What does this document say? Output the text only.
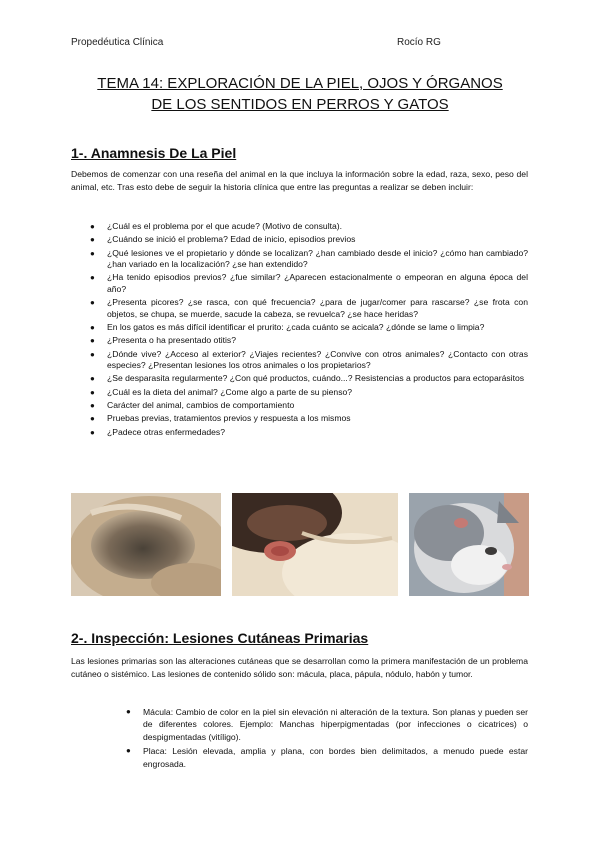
Propedéutica Clínica	Rocío RG
TEMA 14: EXPLORACIÓN DE LA PIEL, OJOS Y ÓRGANOS
DE LOS SENTIDOS EN PERROS Y GATOS
1-. Anamnesis De La Piel

Debemos de comenzar con una reseña del animal en la que incluya la información sobre la edad, raza, sexo, peso del animal, etc. Tras esto debe de seguir la historia clínica que entre las preguntas a realizar se deben incluir:

● ¿Cuál es el problema por el que acude? (Motivo de consulta).
● ¿Cuándo se inició el problema? Edad de inicio, episodios previos
● ¿Qué lesiones ve el propietario y dónde se localizan? ¿han cambiado desde el inicio? ¿cómo han cambiado? ¿han variado en la localización? ¿se han extendido?
● ¿Ha tenido episodios previos? ¿fue similar? ¿Aparecen estacionalmente o empeoran en alguna época del año?
● ¿Presenta picores? ¿se rasca, con qué frecuencia? ¿para de jugar/comer para rascarse? ¿se frota con objetos, se chupa, se muerde, sacude la cabeza, se revuelca? ¿se hace heridas?
● En los gatos es más difícil identificar el prurito: ¿cada cuánto se acicala? ¿dónde se lame o limpia?
● ¿Presenta o ha presentado otitis?
● ¿Dónde vive? ¿Acceso al exterior? ¿Viajes recientes? ¿Convive con otros animales? ¿Contacto con otras especies? ¿Presentan lesiones los otros animales o los propietarios?
● ¿Se desparasita regularmente? ¿Con qué productos, cuándo...? Resistencias a productos para ectoparásitos
● ¿Cuál es la dieta del animal? ¿Come algo a parte de su pienso?
● Carácter del animal, cambios de comportamiento
● Pruebas previas, tratamientos previos y respuesta a los mismos
● ¿Padece otras enfermedades?
2-. Inspección: Lesiones Cutáneas Primarias

Las lesiones primarias son las alteraciones cutáneas que se desarrollan como la primera manifestación de un problema cutáneo o sistémico. Las lesiones de contenido sólido son: mácula, placa, pápula, nódulo, habón y tumor.

● Mácula: Cambio de color en la piel sin elevación ni alteración de la textura. Son planas y pueden ser de diferentes colores. Ejemplo: Manchas hiperpigmentadas (por infecciones o cicatrices) o despigmentadas (vitíligo).
● Placa: Lesión elevada, amplia y plana, con bordes bien delimitados, a menudo puede estar engrosada.
